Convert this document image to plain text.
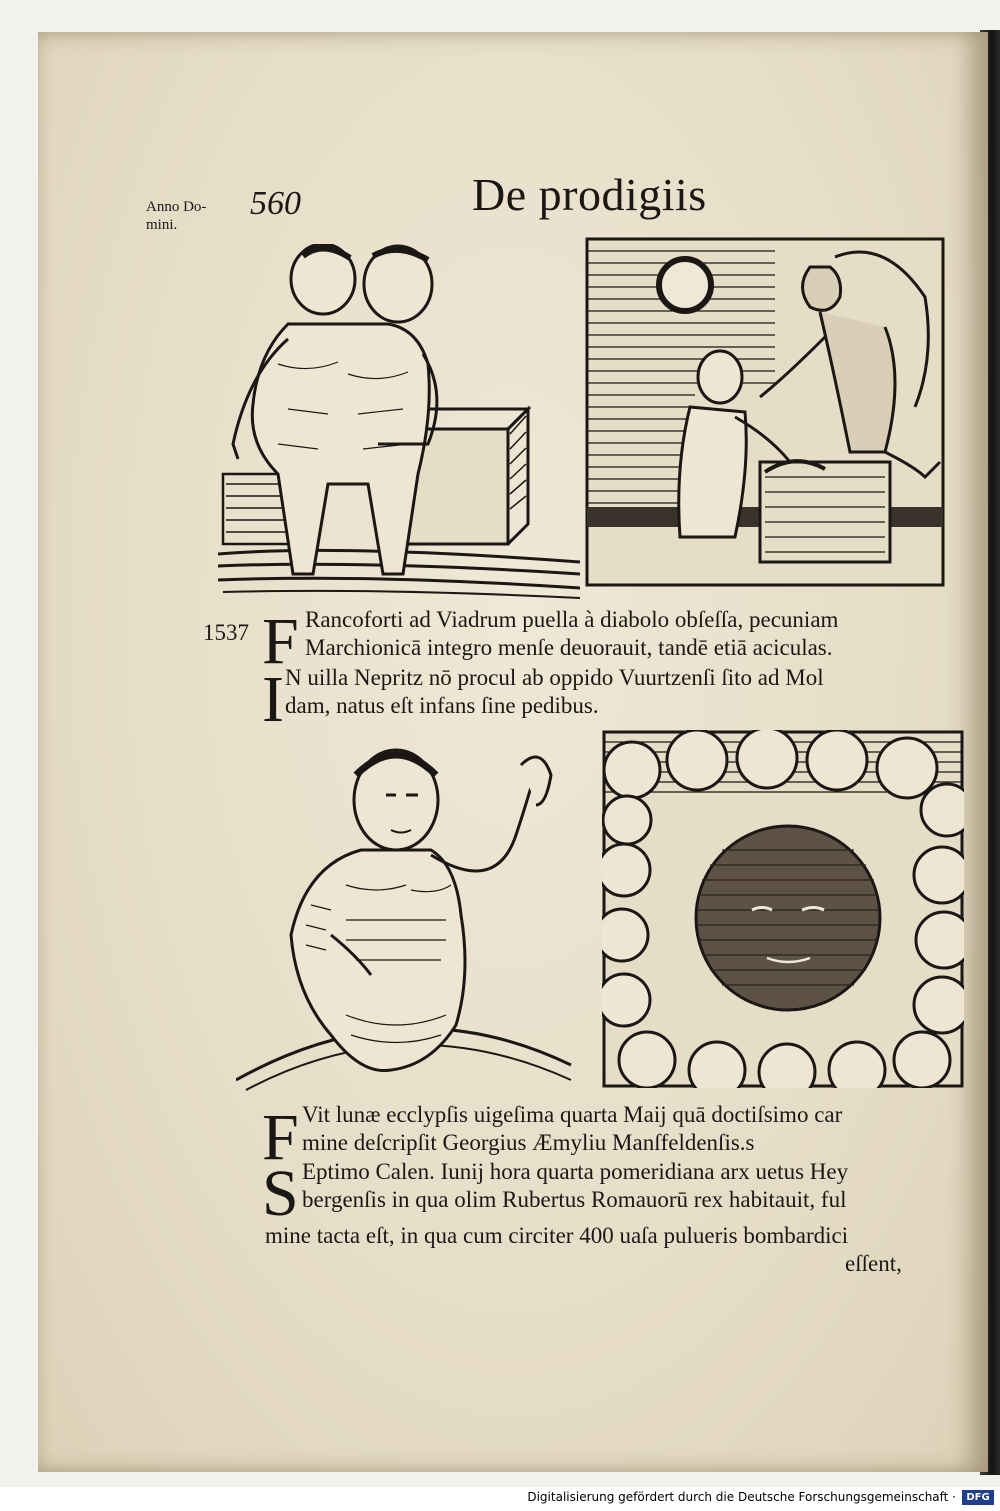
Anno Do-
mini.
560	De prodigiis
1537 F Rancoforti ad Viadrum puella à diabolo obſeſſa, pecuniam
Marchionicā integro menſe deuorauit, tandē etiā aciculas.
I N uilla Nepritz nō procul ab oppido Vuurtzenſi ſito ad Mol
dam, natus eſt infans ſine pedibus.
F Vit lunæ ecclypſis uigeſima quarta Maij quā doctiſsimo car
mine deſcripſit Georgius Æmyliu Manſfeldenſis.s
S Eptimo Calen. Iunij hora quarta pomeridiana arx uetus Hey
bergenſis in qua olim Rubertus Romauorū rex habitauit, ful
mine tacta eſt, in qua cum circiter 400 uaſa pulueris bombardici
eſſent,
Digitalisierung gefördert durch die Deutsche Forschungsgemeinschaft ·	DFG
